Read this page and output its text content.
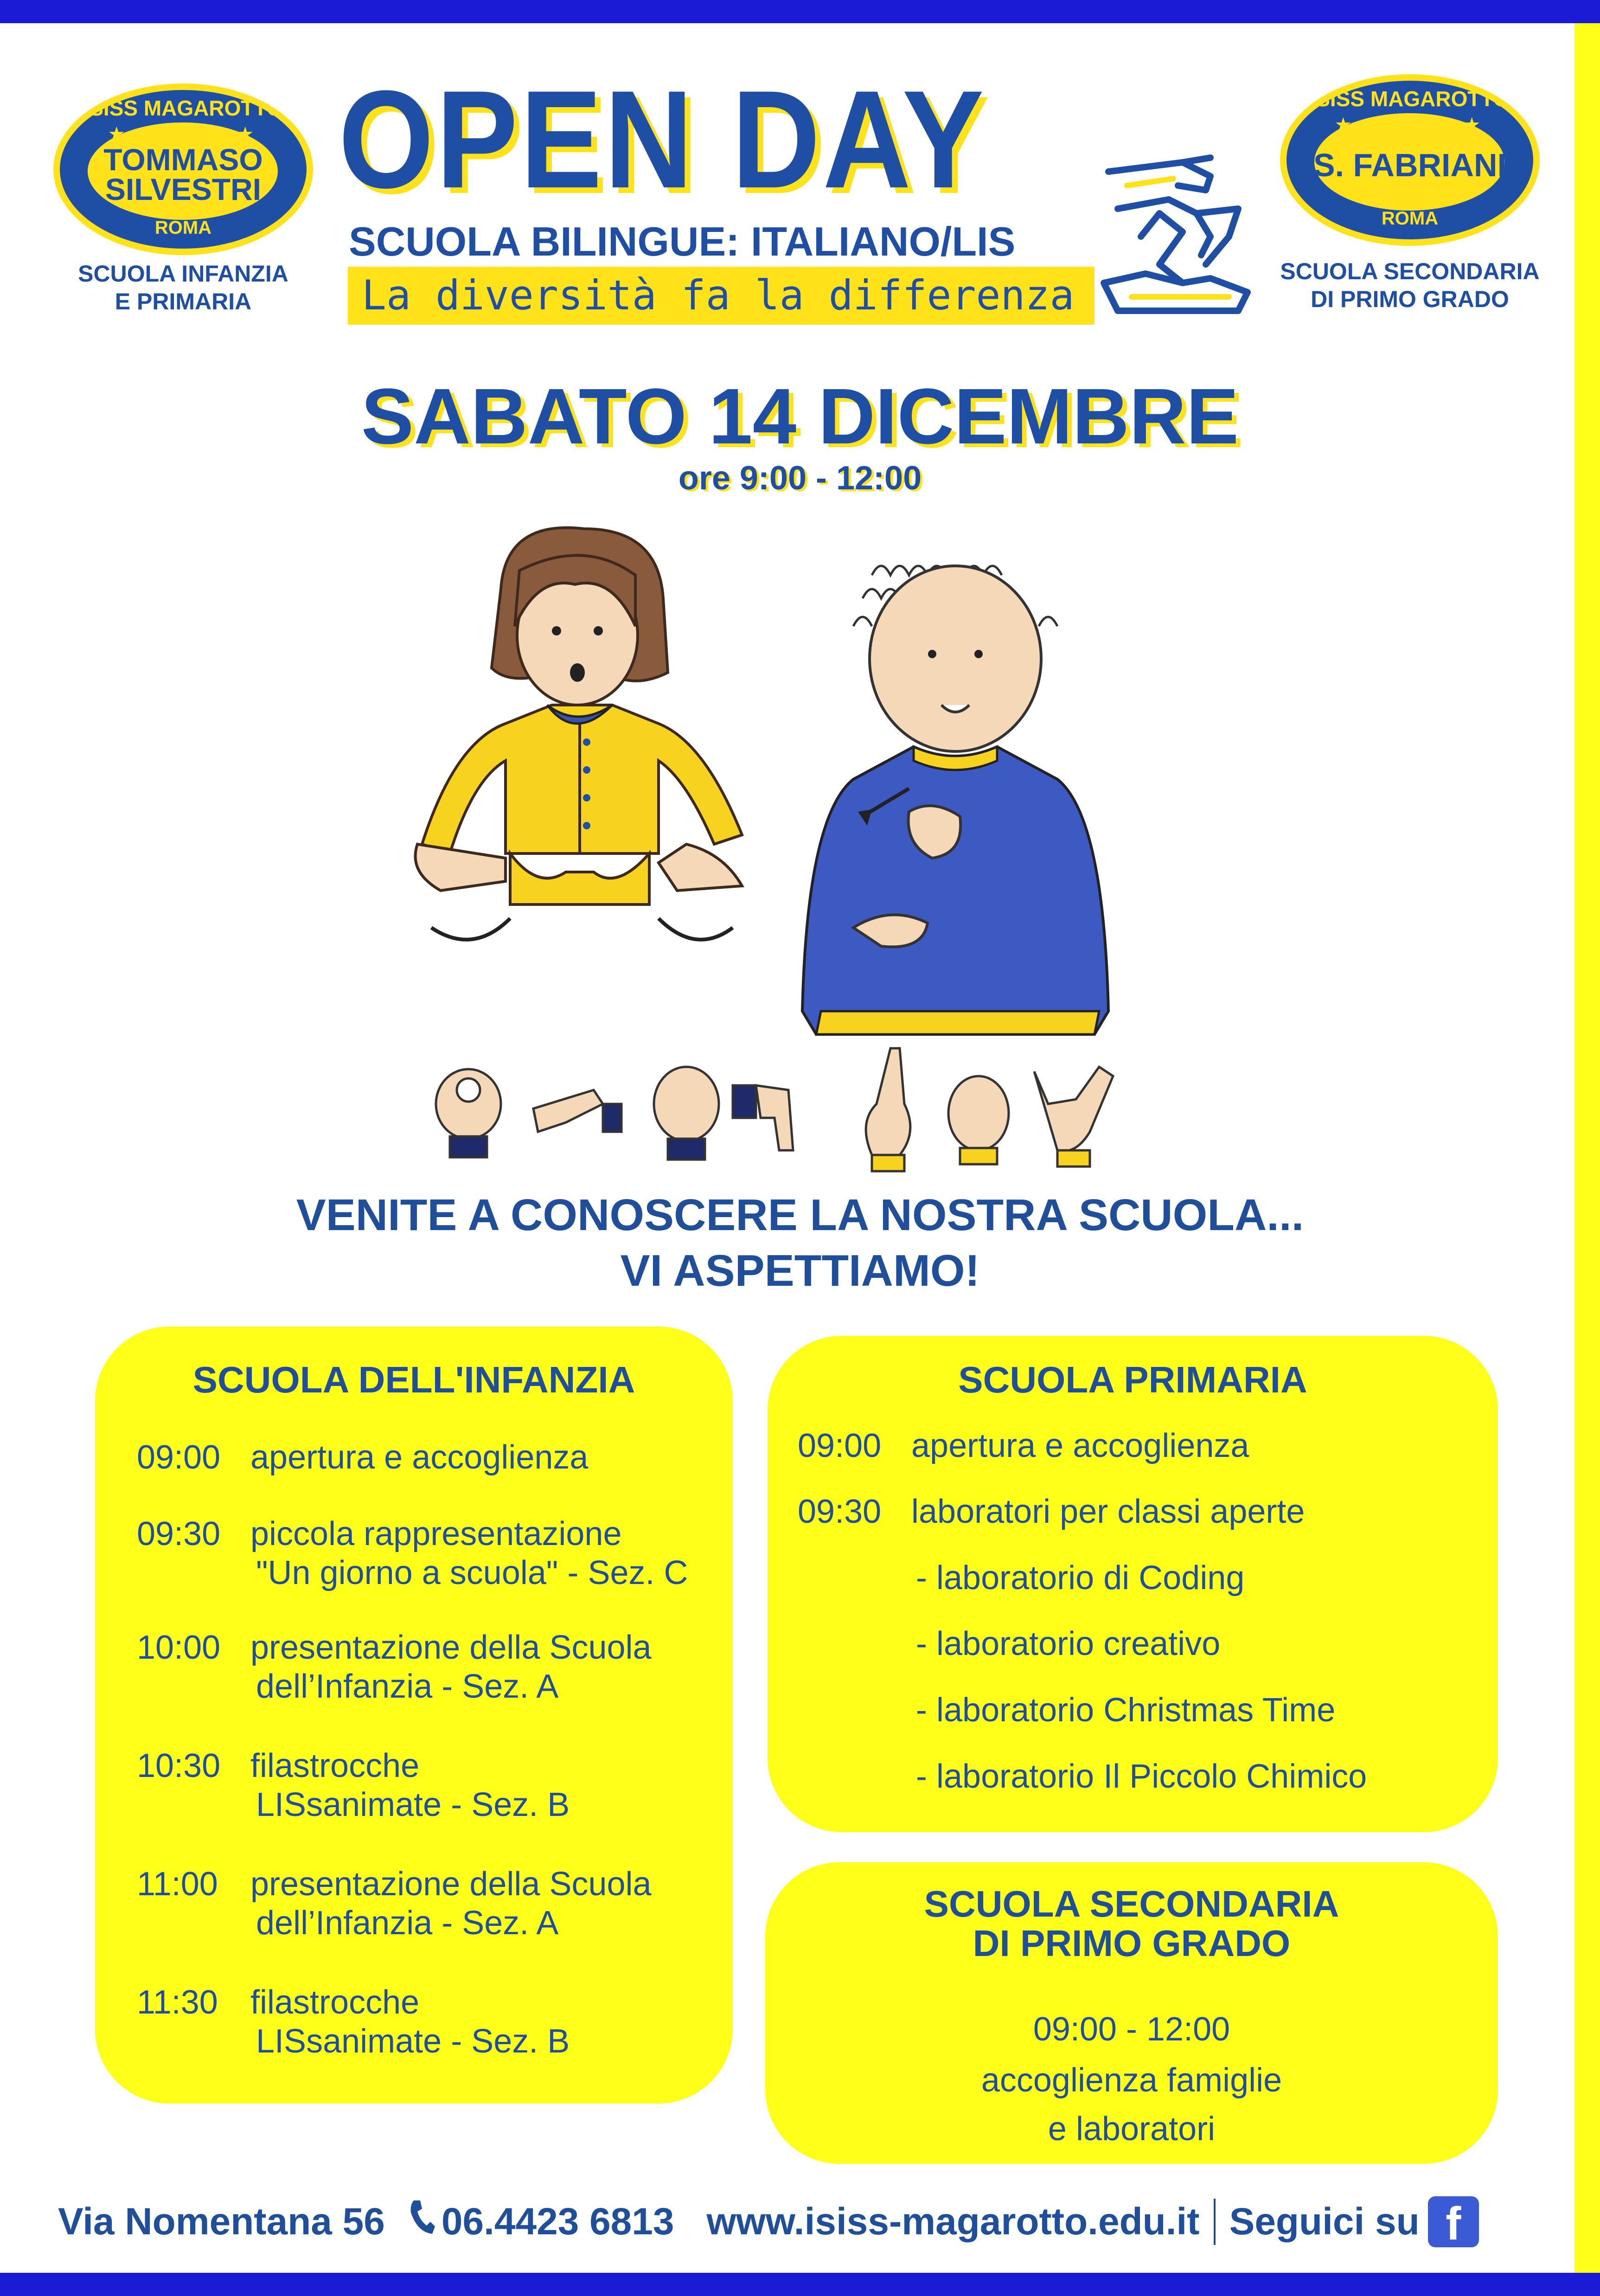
ISISS MAGAROTTO
★ ★ ★ ★ ★
TOMMASO
SILVESTRI
ROMA
SCUOLA INFANZIA
E PRIMARIA
ISISS MAGAROTTO
★ ★ ★ ★ ★
S. FABRIANI
ROMA
SCUOLA SECONDARIA
DI PRIMO GRADO
OPEN DAY
SCUOLA BILINGUE: ITALIANO/LIS
La diversità fa la differenza
SABATO 14 DICEMBRE
ore 9:00 - 12:00
VENITE A CONOSCERE LA NOSTRA SCUOLA...
VI ASPETTIAMO!
SCUOLA DELL'INFANZIA
09:00 apertura e accoglienza
09:30 piccola rappresentazione
"Un giorno a scuola" - Sez. C
10:00 presentazione della Scuola
dell’Infanzia - Sez. A
10:30 filastrocche
LISsanimate - Sez. B
11:00 presentazione della Scuola
dell’Infanzia - Sez. A
11:30 filastrocche
LISsanimate - Sez. B
SCUOLA PRIMARIA
09:00 apertura e accoglienza
09:30 laboratori per classi aperte
- laboratorio di Coding
- laboratorio creativo
- laboratorio Christmas Time
- laboratorio Il Piccolo Chimico
SCUOLA SECONDARIA
DI PRIMO GRADO
09:00 - 12:00
accoglienza famiglie
e laboratori
Via Nomentana 56 06.4423 6813 www.isiss-magarotto.edu.it Seguici su f
